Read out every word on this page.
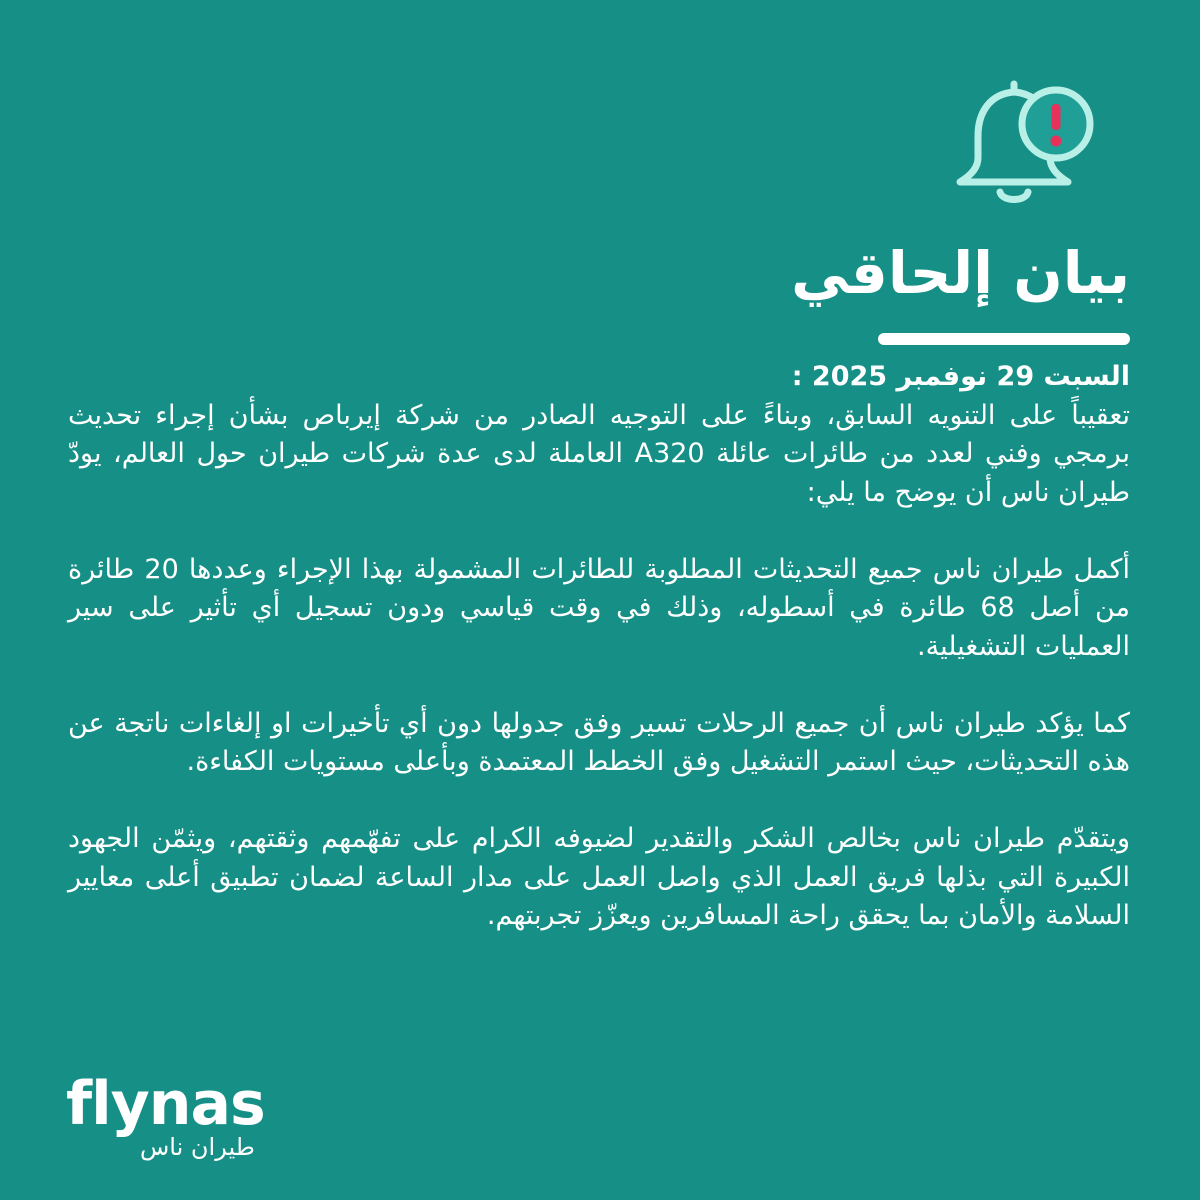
بيان إلحاقي
السبت 29 نوفمبر 2025 :

تعقيباً على التنويه السابق، وبناءً على التوجيه الصادر من شركة إيرباص بشأن إجراء تحديث برمجي وفني لعدد من طائرات عائلة A320 العاملة لدى عدة شركات طيران حول العالم، يودّ طيران ناس أن يوضح ما يلي:

أكمل طيران ناس جميع التحديثات المطلوبة للطائرات المشمولة بهذا الإجراء وعددها 20 طائرة من أصل 68 طائرة في أسطوله، وذلك في وقت قياسي ودون تسجيل أي تأثير على سير العمليات التشغيلية.

كما يؤكد طيران ناس أن جميع الرحلات تسير وفق جدولها دون أي تأخيرات او إلغاءات ناتجة عن هذه التحديثات، حيث استمر التشغيل وفق الخطط المعتمدة وبأعلى مستويات الكفاءة.

ويتقدّم طيران ناس بخالص الشكر والتقدير لضيوفه الكرام على تفهّمهم وثقتهم، ويثمّن الجهود الكبيرة التي بذلها فريق العمل الذي واصل العمل على مدار الساعة لضمان تطبيق أعلى معايير السلامة والأمان بما يحقق راحة المسافرين ويعزّز تجربتهم.

flynas
طيران ناس
